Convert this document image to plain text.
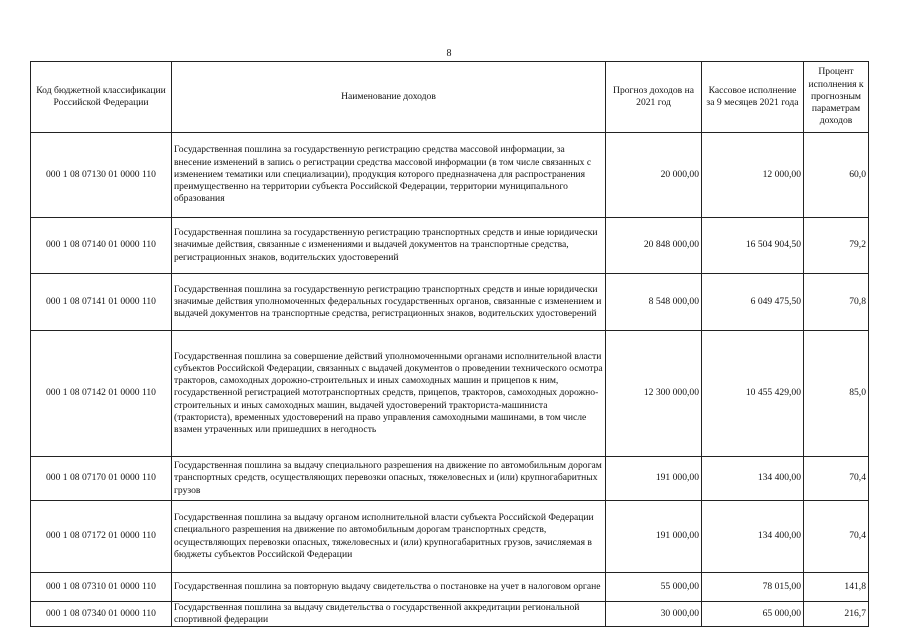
8
Код бюджетной классификации Российской Федерации	Наименование доходов	Прогноз доходов на 2021 год	Кассовое исполнение за 9 месяцев 2021 года	Процент исполнения к прогнозным параметрам доходов
000 1 08 07130 01 0000 110	Государственная пошлина за государственную регистрацию средства массовой информации, за внесение изменений в запись о регистрации средства массовой информации (в том числе связанных с изменением тематики или специализации), продукция которого предназначена для распространения преимущественно на территории субъекта Российской Федерации, территории муниципального образования	20 000,00	12 000,00	60,0
000 1 08 07140 01 0000 110	Государственная пошлина за государственную регистрацию транспортных средств и иные юридически значимые действия, связанные с изменениями и выдачей документов на транспортные средства, регистрационных знаков, водительских удостоверений	20 848 000,00	16 504 904,50	79,2
000 1 08 07141 01 0000 110	Государственная пошлина за государственную регистрацию транспортных средств и иные юридически значимые действия уполномоченных федеральных государственных органов, связанные с изменением и выдачей документов на транспортные средства, регистрационных знаков, водительских удостоверений	8 548 000,00	6 049 475,50	70,8
000 1 08 07142 01 0000 110	Государственная пошлина за совершение действий уполномоченными органами исполнительной власти субъектов Российской Федерации, связанных с выдачей документов о проведении технического осмотра тракторов, самоходных дорожно-строительных и иных самоходных машин и прицепов к ним, государственной регистрацией мототранспортных средств, прицепов, тракторов, самоходных дорожно-строительных и иных самоходных машин, выдачей удостоверений тракториста-машиниста (тракториста), временных удостоверений на право управления самоходными машинами, в том числе взамен утраченных или пришедших в негодность	12 300 000,00	10 455 429,00	85,0
000 1 08 07170 01 0000 110	Государственная пошлина за выдачу специального разрешения на движение по автомобильным дорогам транспортных средств, осуществляющих перевозки опасных, тяжеловесных и (или) крупногабаритных грузов	191 000,00	134 400,00	70,4
000 1 08 07172 01 0000 110	Государственная пошлина за выдачу органом исполнительной власти субъекта Российской Федерации специального разрешения на движение по автомобильным дорогам транспортных средств, осуществляющих перевозки опасных, тяжеловесных и (или) крупногабаритных грузов, зачисляемая в бюджеты субъектов Российской Федерации	191 000,00	134 400,00	70,4
000 1 08 07310 01 0000 110	Государственная пошлина за повторную выдачу свидетельства о постановке на учет в налоговом органе	55 000,00	78 015,00	141,8
000 1 08 07340 01 0000 110	Государственная пошлина за выдачу свидетельства о государственной аккредитации региональной спортивной федерации	30 000,00	65 000,00	216,7
